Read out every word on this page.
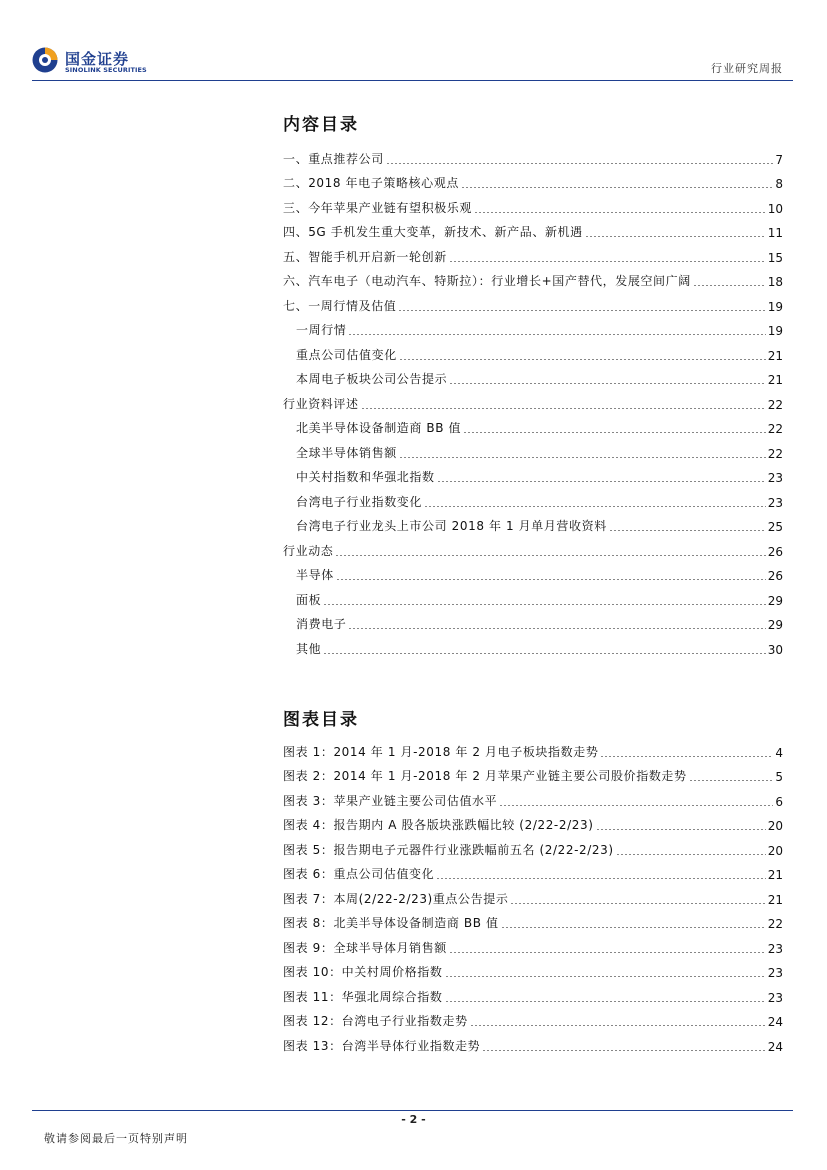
国金证券
SINOLINK SECURITIES	行业研究周报
内容目录
一、重点推荐公司	7
二、2018 年电子策略核心观点	8
三、今年苹果产业链有望积极乐观	10
四、5G 手机发生重大变革，新技术、新产品、新机遇	11
五、智能手机开启新一轮创新	15
六、汽车电子（电动汽车、特斯拉）：行业增长+国产替代，发展空间广阔	18
七、一周行情及估值	19
一周行情	19
重点公司估值变化	21
本周电子板块公司公告提示	21
行业资料评述	22
北美半导体设备制造商 BB 值	22
全球半导体销售额	22
中关村指数和华强北指数	23
台湾电子行业指数变化	23
台湾电子行业龙头上市公司 2018 年 1 月单月营收资料	25
行业动态	26
半导体	26
面板	29
消费电子	29
其他	30
图表目录
图表 1：2014 年 1 月-2018 年 2 月电子板块指数走势	4
图表 2：2014 年 1 月-2018 年 2 月苹果产业链主要公司股价指数走势	5
图表 3：苹果产业链主要公司估值水平	6
图表 4：报告期内 A 股各版块涨跌幅比较 (2/22-2/23)	20
图表 5：报告期电子元器件行业涨跌幅前五名 (2/22-2/23)	20
图表 6：重点公司估值变化	21
图表 7：本周(2/22-2/23)重点公告提示	21
图表 8：北美半导体设备制造商 BB 值	22
图表 9：全球半导体月销售额	23
图表 10：中关村周价格指数	23
图表 11：华强北周综合指数	23
图表 12：台湾电子行业指数走势	24
图表 13：台湾半导体行业指数走势	24
- 2 -
敬请参阅最后一页特别声明
